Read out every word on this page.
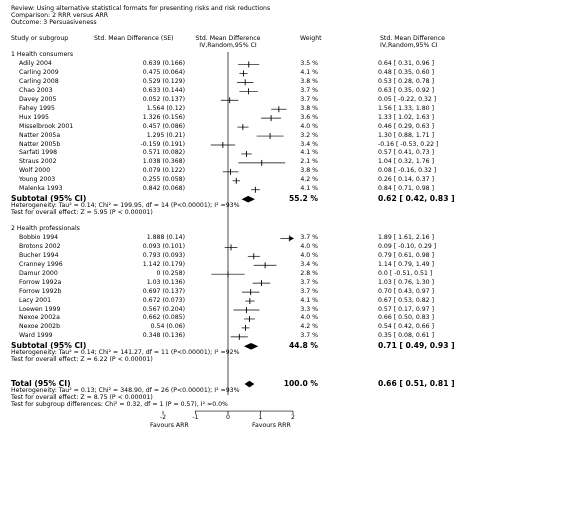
Review: Using alternative statistical formats for presenting risks and risk reductions
Comparison: 2 RRR versus ARR
Outcome: 3 Persuasiveness
Study or subgroup	Std. Mean Difference (SE)	Std. Mean Difference
IV,Random,95% CI
Weight	Std. Mean Difference
IV,Random,95% CI
1 Health consumers
Adily 2004	0.639 (0.166)	3.5 %	0.64 [ 0.31, 0.96 ]
Carling 2009	0.475 (0.064)	4.1 %	0.48 [ 0.35, 0.60 ]
Carling 2008	0.529 (0.129)	3.8 %	0.53 [ 0.28, 0.78 ]
Chao 2003	0.633 (0.144)	3.7 %	0.63 [ 0.35, 0.92 ]
Davey 2005	0.052 (0.137)	3.7 %	0.05 [ -0.22, 0.32 ]
Fahey 1995	1.564 (0.12)	3.8 %	1.56 [ 1.33, 1.80 ]
Hux 1995	1.326 (0.156)	3.6 %	1.33 [ 1.02, 1.63 ]
Misselbrook 2001	0.457 (0.086)	4.0 %	0.46 [ 0.29, 0.63 ]
Natter 2005a	1.295 (0.21)	3.2 %	1.30 [ 0.88, 1.71 ]
Natter 2005b	-0.159 (0.191)	3.4 %	-0.16 [ -0.53, 0.22 ]
Sarfati 1998	0.571 (0.082)	4.1 %	0.57 [ 0.41, 0.73 ]
Straus 2002	1.038 (0.368)	2.1 %	1.04 [ 0.32, 1.76 ]
Wolf 2000	0.079 (0.122)	3.8 %	0.08 [ -0.16, 0.32 ]
Young 2003	0.255 (0.058)	4.2 %	0.26 [ 0.14, 0.37 ]
Malenka 1993	0.842 (0.068)	4.1 %	0.84 [ 0.71, 0.98 ]
Subtotal (95% CI)	55.2 %	0.62 [ 0.42, 0.83 ]
Heterogeneity: Tau² = 0.14; Chi² = 199.95, df = 14 (P<0.00001); I² =93%
Test for overall effect: Z = 5.95 (P < 0.00001)
2 Health professionals
Bobbio 1994	1.888 (0.14)	3.7 %	1.89 [ 1.61, 2.16 ]
Brotons 2002	0.093 (0.101)	4.0 %	0.09 [ -0.10, 0.29 ]
Bucher 1994	0.793 (0.093)	4.0 %	0.79 [ 0.61, 0.98 ]
Cranney 1996	1.142 (0.179)	3.4 %	1.14 [ 0.79, 1.49 ]
Damur 2000	0 (0.258)	2.8 %	0.0 [ -0.51, 0.51 ]
Forrow 1992a	1.03 (0.136)	3.7 %	1.03 [ 0.76, 1.30 ]
Forrow 1992b	0.697 (0.137)	3.7 %	0.70 [ 0.43, 0.97 ]
Lacy 2001	0.672 (0.073)	4.1 %	0.67 [ 0.53, 0.82 ]
Loewen 1999	0.567 (0.204)	3.3 %	0.57 [ 0.17, 0.97 ]
Nexoe 2002a	0.662 (0.085)	4.0 %	0.66 [ 0.50, 0.83 ]
Nexoe 2002b	0.54 (0.06)	4.2 %	0.54 [ 0.42, 0.66 ]
Ward 1999	0.348 (0.136)	3.7 %	0.35 [ 0.08, 0.61 ]
Subtotal (95% CI)	44.8 %	0.71 [ 0.49, 0.93 ]
Heterogeneity: Tau² = 0.14; Chi² = 141.27, df = 11 (P<0.00001); I² =92%
Test for overall effect: Z = 6.22 (P < 0.00001)
Total (95% CI)	100.0 %	0.66 [ 0.51, 0.81 ]
Heterogeneity: Tau² = 0.13; Chi² = 348.90, df = 26 (P<0.00001); I² =93%
Test for overall effect: Z = 8.75 (P < 0.00001)
Test for subgroup differences: Chi² = 0.32, df = 1 (P = 0.57), I² =0.0%
-2	-1	0	1	2
Favours ARR	Favours RRR
